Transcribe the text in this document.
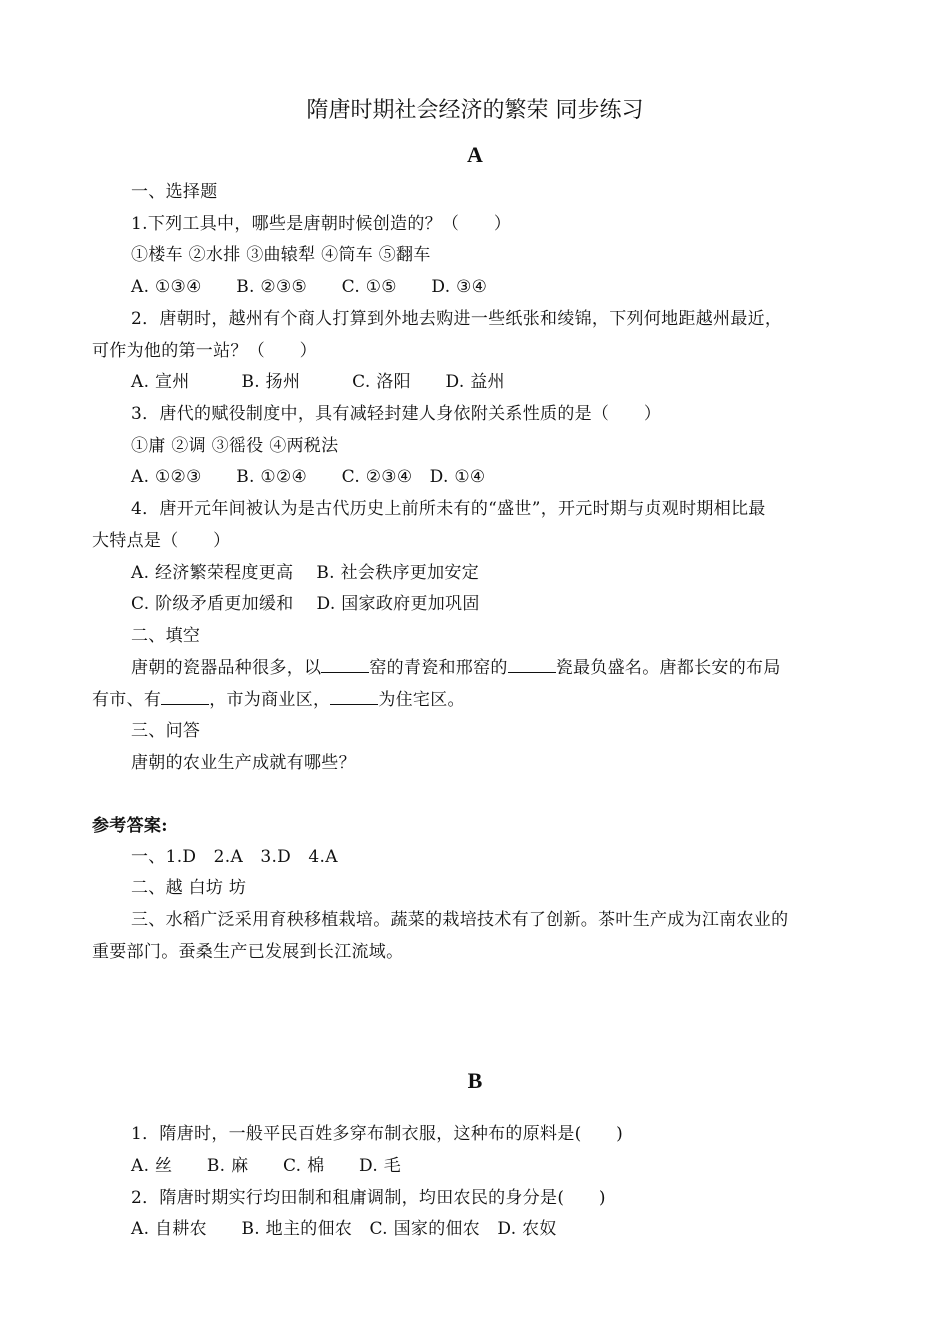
隋唐时期社会经济的繁荣 同步练习
A
一、选择题
1.下列工具中，哪些是唐朝时候创造的？（　　）
①楼车 ②水排 ③曲辕犁 ④筒车 ⑤翻车
A. ①③④　　B. ②③⑤　　C. ①⑤　　D. ③④
2．唐朝时，越州有个商人打算到外地去购进一些纸张和绫锦，下列何地距越州最近，
可作为他的第一站？（　　）
A. 宣州　　　B. 扬州　　　C. 洛阳　　D. 益州
3．唐代的赋役制度中，具有减轻封建人身依附关系性质的是（　　）
①庸 ②调 ③徭役 ④两税法
A. ①②③　　B. ①②④　　C. ②③④　D. ①④
4．唐开元年间被认为是古代历史上前所未有的“盛世”，开元时期与贞观时期相比最
大特点是（　　）
A. 经济繁荣程度更高　 B. 社会秩序更加安定
C. 阶级矛盾更加缓和　 D. 国家政府更加巩固
二、填空
唐朝的瓷器品种很多，以	窑的青瓷和邢窑的	瓷最负盛名。唐都长安的布局
有市、有	，市为商业区，	为住宅区。
三、问答
唐朝的农业生产成就有哪些？
参考答案:
一、1.D　2.A　3.D　4.A
二、越 白坊 坊
三、水稻广泛采用育秧移植栽培。蔬菜的栽培技术有了创新。茶叶生产成为江南农业的
重要部门。蚕桑生产已发展到长江流域。
B
1．隋唐时，一般平民百姓多穿布制衣服，这种布的原料是(　　)
A. 丝　　B. 麻　　C. 棉　　D. 毛
2．隋唐时期实行均田制和租庸调制，均田农民的身分是(　　)
A. 自耕农　　B. 地主的佃农　C. 国家的佃农　D. 农奴
